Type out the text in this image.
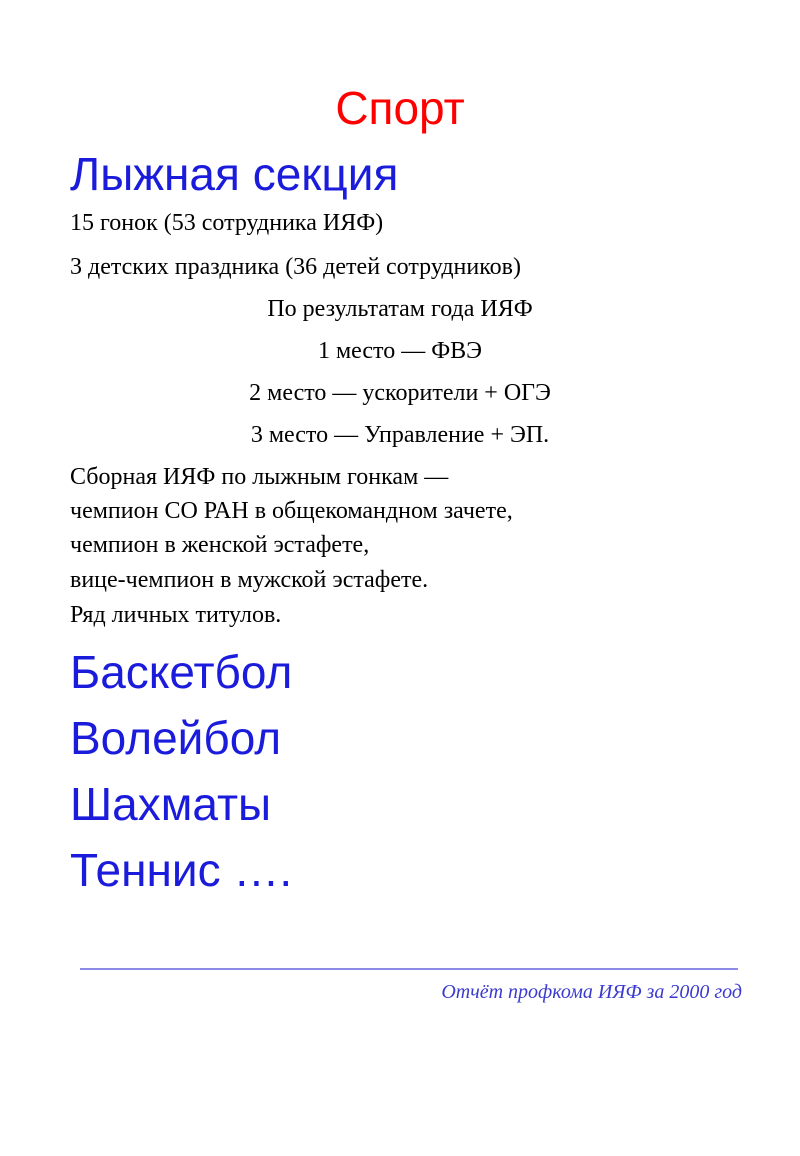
Спорт
Лыжная секция
15 гонок (53 сотрудника ИЯФ)
3 детских праздника (36 детей сотрудников)
По результатам года ИЯФ
1 место — ФВЭ
2 место — ускорители + ОГЭ
3 место — Управление + ЭП.
Сборная ИЯФ по лыжным гонкам —
чемпион СО РАН в общекомандном зачете,
чемпион в женской эстафете,
вице-чемпион в мужской эстафете.
Ряд личных титулов.
Баскетбол
Волейбол
Шахматы
Теннис ….
Отчёт профкома ИЯФ за 2000 год
